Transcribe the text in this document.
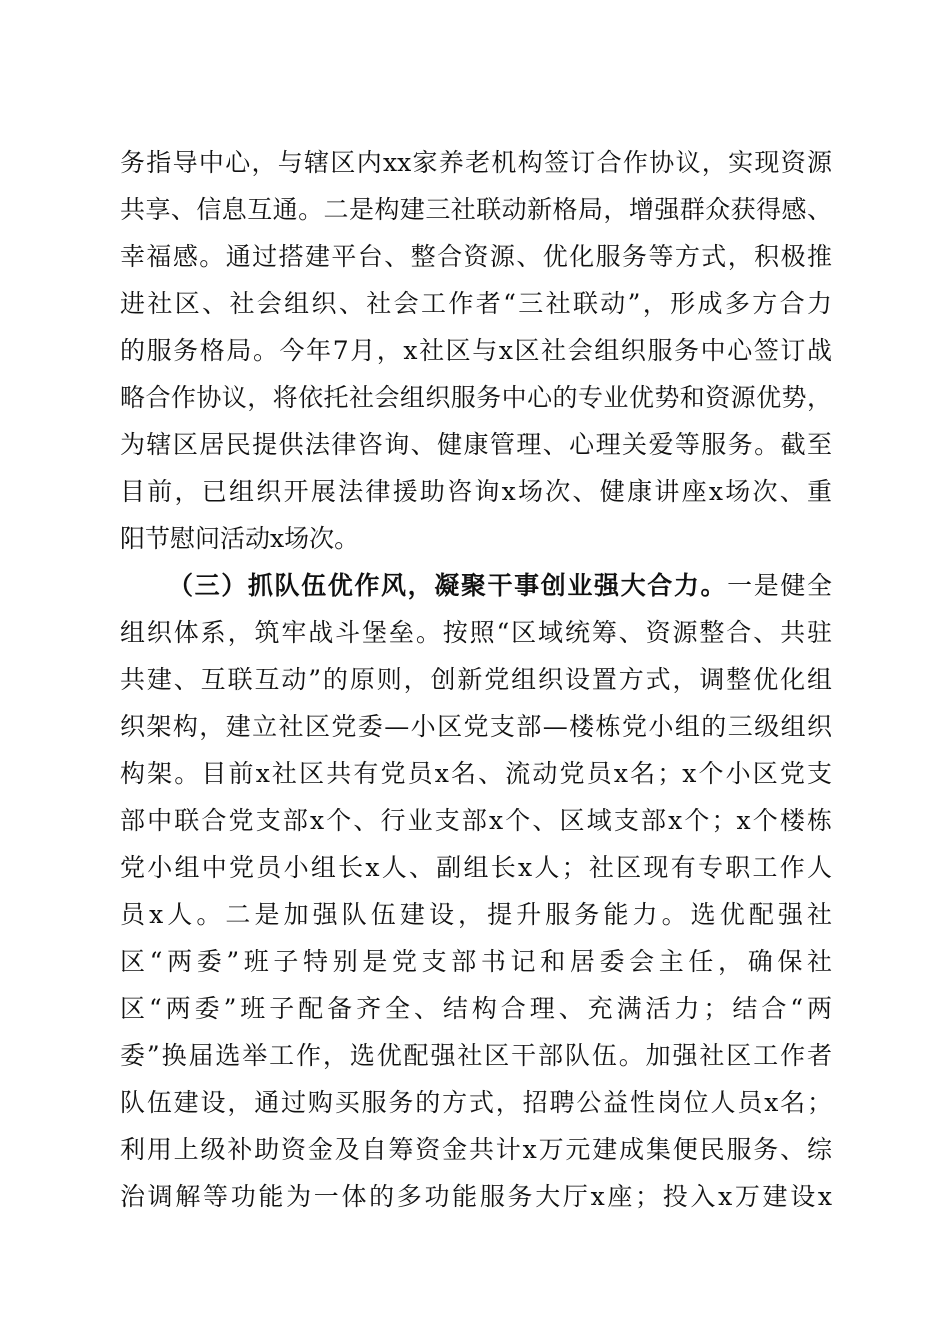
务指导中心，与辖区内xx家养老机构签订合作协议，实现资源
共享、信息互通。二是构建三社联动新格局，增强群众获得感、
幸福感。通过搭建平台、整合资源、优化服务等方式，积极推
进社区、社会组织、社会工作者“三社联动”，形成多方合力
的服务格局。今年7月，x社区与x区社会组织服务中心签订战
略合作协议，将依托社会组织服务中心的专业优势和资源优势，
为辖区居民提供法律咨询、健康管理、心理关爱等服务。截至
目前，已组织开展法律援助咨询x场次、健康讲座x场次、重
阳节慰问活动x场次。
（三）抓队伍优作风，凝聚干事创业强大合力。一是健全
组织体系，筑牢战斗堡垒。按照“区域统筹、资源整合、共驻
共建、互联互动”的原则，创新党组织设置方式，调整优化组
织架构，建立社区党委—小区党支部—楼栋党小组的三级组织
构架。目前x社区共有党员x名、流动党员x名；x个小区党支
部中联合党支部x个、行业支部x个、区域支部x个；x个楼栋
党小组中党员小组长x人、副组长x人；社区现有专职工作人
员x人。二是加强队伍建设，提升服务能力。选优配强社
区“两委”班子特别是党支部书记和居委会主任，确保社
区“两委”班子配备齐全、结构合理、充满活力；结合“两
委”换届选举工作，选优配强社区干部队伍。加强社区工作者
队伍建设，通过购买服务的方式，招聘公益性岗位人员x名；
利用上级补助资金及自筹资金共计x万元建成集便民服务、综
治调解等功能为一体的多功能服务大厅x座；投入x万建设x
